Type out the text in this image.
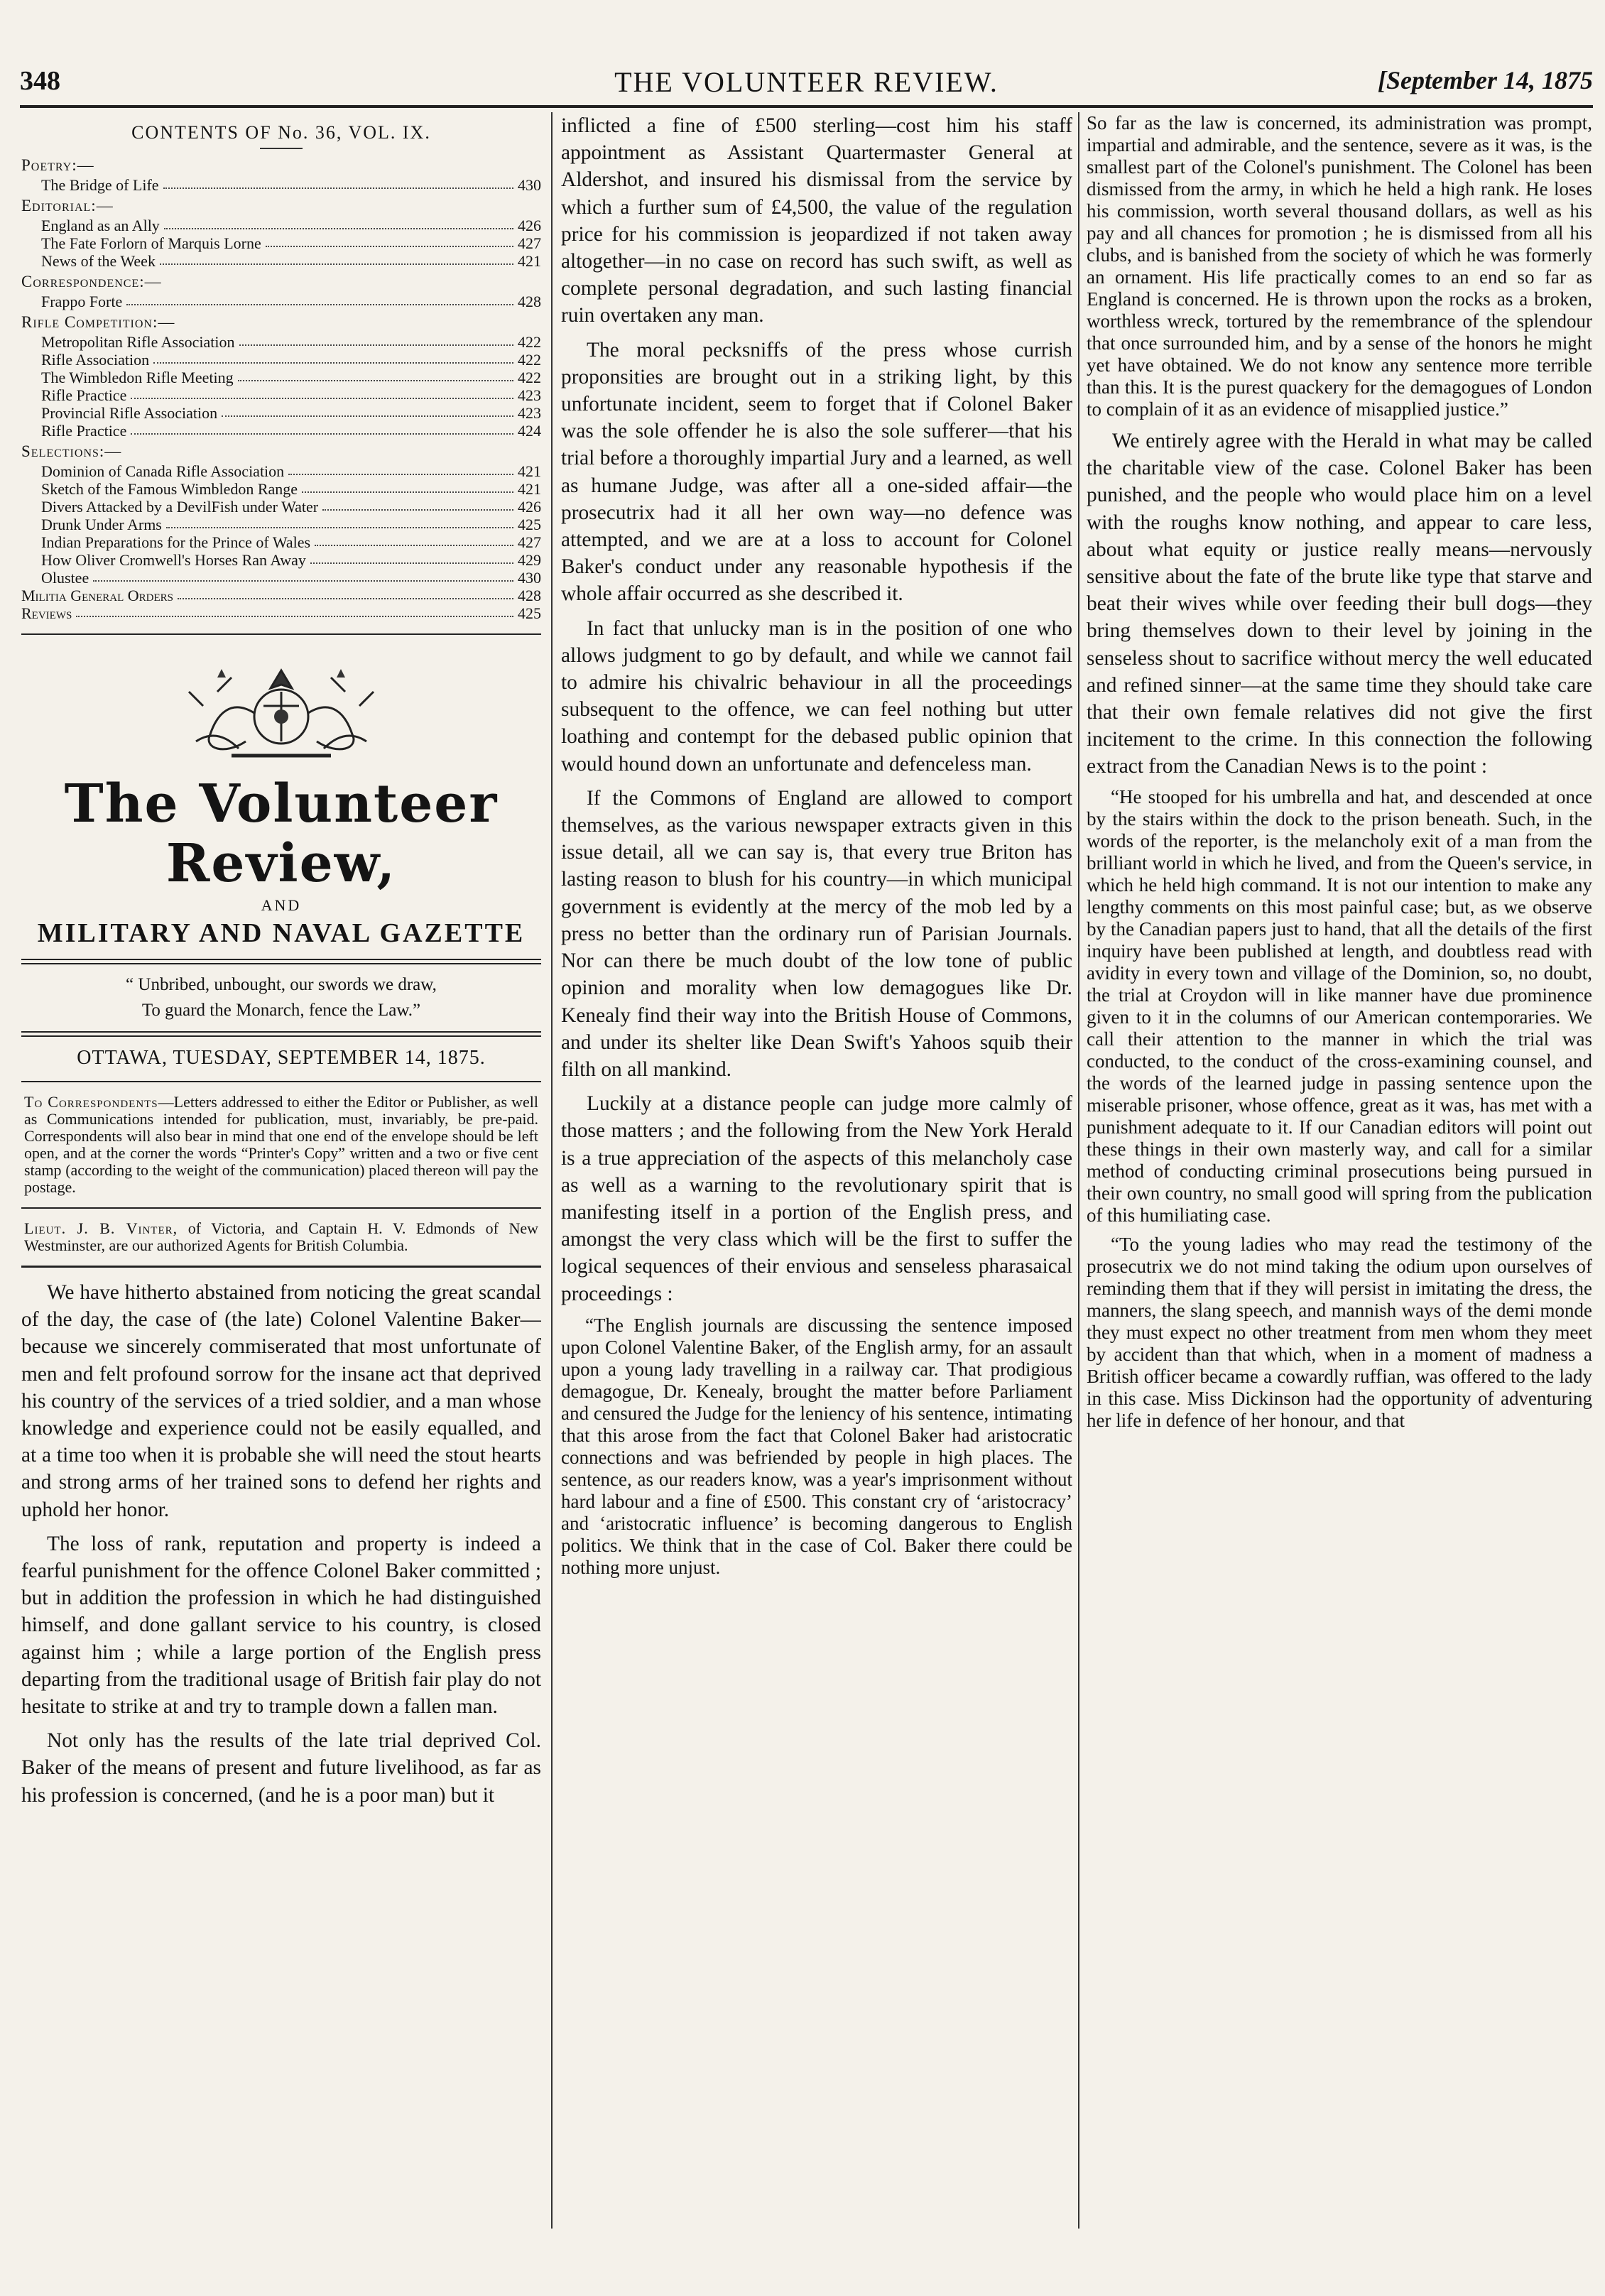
348	THE VOLUNTEER REVIEW.	[September 14, 1875
CONTENTS OF No. 36, VOL. IX.
Poetry:—
The Bridge of Life	430
Editorial:—
England as an Ally	426
The Fate Forlorn of Marquis Lorne	427
News of the Week	421
Correspondence:—
Frappo Forte	428
Rifle Competition:—
Metropolitan Rifle Association	422
Rifle Association	422
The Wimbledon Rifle Meeting	422
Rifle Practice	423
Provincial Rifle Association	423
Rifle Practice	424
Selections:—
Dominion of Canada Rifle Association	421
Sketch of the Famous Wimbledon Range	421
Divers Attacked by a DevilFish under Water	426
Drunk Under Arms	425
Indian Preparations for the Prince of Wales	427
How Oliver Cromwell's Horses Ran Away	429
Olustee	430
Militia General Orders	428
Reviews	425
The Volunteer Review,
AND
MILITARY AND NAVAL GAZETTE
“ Unbribed, unbought, our swords we draw,
To guard the Monarch, fence the Law.”
OTTAWA, TUESDAY, SEPTEMBER 14, 1875.
To Correspondents—Letters addressed to either the Editor or Publisher, as well as Communications intended for publication, must, invariably, be pre-paid. Correspondents will also bear in mind that one end of the envelope should be left open, and at the corner the words “Printer's Copy” written and a two or five cent stamp (according to the weight of the communication) placed thereon will pay the postage.
Lieut. J. B. Vinter, of Victoria, and Captain H. V. Edmonds of New Westminster, are our authorized Agents for British Columbia.

We have hitherto abstained from noticing the great scandal of the day, the case of (the late) Colonel Valentine Baker—because we sincerely commiserated that most unfortunate of men and felt profound sorrow for the insane act that deprived his country of the services of a tried soldier, and a man whose knowledge and experience could not be easily equalled, and at a time too when it is probable she will need the stout hearts and strong arms of her trained sons to defend her rights and uphold her honor.

The loss of rank, reputation and property is indeed a fearful punishment for the offence Colonel Baker committed ; but in addition the profession in which he had distinguished himself, and done gallant service to his country, is closed against him ; while a large portion of the English press departing from the traditional usage of British fair play do not hesitate to strike at and try to trample down a fallen man.

Not only has the results of the late trial deprived Col. Baker of the means of present and future livelihood, as far as his profession is concerned, (and he is a poor man) but it

inflicted a fine of £500 sterling—cost him his staff appointment as Assistant Quartermaster General at Aldershot, and insured his dismissal from the service by which a further sum of £4,500, the value of the regulation price for his commission is jeopardized if not taken away altogether—in no case on record has such swift, as well as complete personal degradation, and such lasting financial ruin overtaken any man.

The moral pecksniffs of the press whose currish proponsities are brought out in a striking light, by this unfortunate incident, seem to forget that if Colonel Baker was the sole offender he is also the sole sufferer—that his trial before a thoroughly impartial Jury and a learned, as well as humane Judge, was after all a one-sided affair—the prosecutrix had it all her own way—no defence was attempted, and we are at a loss to account for Colonel Baker's conduct under any reasonable hypothesis if the whole affair occurred as she described it.

In fact that unlucky man is in the position of one who allows judgment to go by default, and while we cannot fail to admire his chivalric behaviour in all the proceedings subsequent to the offence, we can feel nothing but utter loathing and contempt for the debased public opinion that would hound down an unfortunate and defenceless man.

If the Commons of England are allowed to comport themselves, as the various newspaper extracts given in this issue detail, all we can say is, that every true Briton has lasting reason to blush for his country—in which municipal government is evidently at the mercy of the mob led by a press no better than the ordinary run of Parisian Journals. Nor can there be much doubt of the low tone of public opinion and morality when low demagogues like Dr. Kenealy find their way into the British House of Commons, and under its shelter like Dean Swift's Yahoos squib their filth on all mankind.

Luckily at a distance people can judge more calmly of those matters ; and the following from the New York Herald is a true appreciation of the aspects of this melancholy case as well as a warning to the revolutionary spirit that is manifesting itself in a portion of the English press, and amongst the very class which will be the first to suffer the logical sequences of their envious and senseless pharasaical proceedings :

“The English journals are discussing the sentence imposed upon Colonel Valentine Baker, of the English army, for an assault upon a young lady travelling in a railway car. That prodigious demagogue, Dr. Kenealy, brought the matter before Parliament and censured the Judge for the leniency of his sentence, intimating that this arose from the fact that Colonel Baker had aristocratic connections and was befriended by people in high places. The sentence, as our readers know, was a year's imprisonment without hard labour and a fine of £500. This constant cry of ‘aristocracy’ and ‘aristocratic influence’ is becoming dangerous to English politics. We think that in the case of Col. Baker there could be nothing more unjust.
So far as the law is concerned, its administration was prompt, impartial and admirable, and the sentence, severe as it was, is the smallest part of the Colonel's punishment. The Colonel has been dismissed from the army, in which he held a high rank. He loses his commission, worth several thousand dollars, as well as his pay and all chances for promotion ; he is dismissed from all his clubs, and is banished from the society of which he was formerly an ornament. His life practically comes to an end so far as England is concerned. He is thrown upon the rocks as a broken, worthless wreck, tortured by the remembrance of the splendour that once surrounded him, and by a sense of the honors he might yet have obtained. We do not know any sentence more terrible than this. It is the purest quackery for the demagogues of London to complain of it as an evidence of misapplied justice.”

We entirely agree with the Herald in what may be called the charitable view of the case. Colonel Baker has been punished, and the people who would place him on a level with the roughs know nothing, and appear to care less, about what equity or justice really means—nervously sensitive about the fate of the brute like type that starve and beat their wives while over feeding their bull dogs—they bring themselves down to their level by joining in the senseless shout to sacrifice without mercy the well educated and refined sinner—at the same time they should take care that their own female relatives did not give the first incitement to the crime. In this connection the following extract from the Canadian News is to the point :

“He stooped for his umbrella and hat, and descended at once by the stairs within the dock to the prison beneath. Such, in the words of the reporter, is the melancholy exit of a man from the brilliant world in which he lived, and from the Queen's service, in which he held high command. It is not our intention to make any lengthy comments on this most painful case; but, as we observe by the Canadian papers just to hand, that all the details of the first inquiry have been published at length, and doubtless read with avidity in every town and village of the Dominion, so, no doubt, the trial at Croydon will in like manner have due prominence given to it in the columns of our American contemporaries. We call their attention to the manner in which the trial was conducted, to the conduct of the cross-examining counsel, and the words of the learned judge in passing sentence upon the miserable prisoner, whose offence, great as it was, has met with a punishment adequate to it. If our Canadian editors will point out these things in their own masterly way, and call for a similar method of conducting criminal prosecutions being pursued in their own country, no small good will spring from the publication of this humiliating case.
“To the young ladies who may read the testimony of the prosecutrix we do not mind taking the odium upon ourselves of reminding them that if they will persist in imitating the dress, the manners, the slang speech, and mannish ways of the demi monde they must expect no other treatment from men whom they meet by accident than that which, when in a moment of madness a British officer became a cowardly ruffian, was offered to the lady in this case. Miss Dickinson had the opportunity of adventuring her life in defence of her honour, and that
